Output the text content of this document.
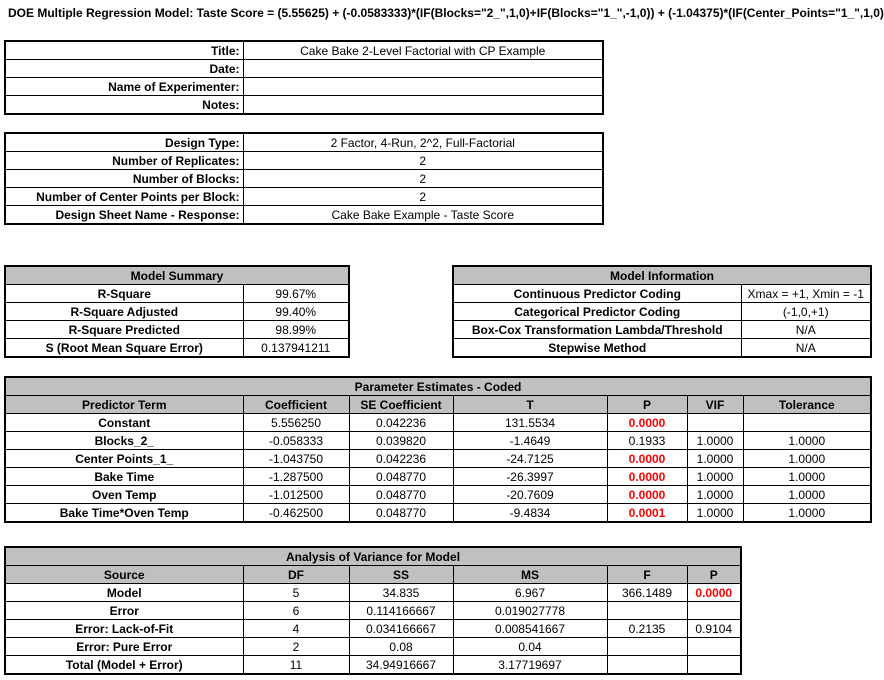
DOE Multiple Regression Model: Taste Score = (5.55625) + (-0.0583333)*(IF(Blocks="2_",1,0)+IF(Blocks="1_",-1,0)) + (-1.04375)*(IF(Center_Points="1_",1,0)
Title:	Cake Bake 2-Level Factorial with CP Example
Date:	
Name of Experimenter:	
Notes:	
Design Type:	2 Factor, 4-Run, 2^2, Full-Factorial
Number of Replicates:	2
Number of Blocks:	2
Number of Center Points per Block:	2
Design Sheet Name - Response:	Cake Bake Example - Taste Score
Model Summary	
R-Square	99.67%
R-Square Adjusted	99.40%
R-Square Predicted	98.99%
S (Root Mean Square Error)	0.137941211
Model Information	
Continuous Predictor Coding	Xmax = +1, Xmin = -1
Categorical Predictor Coding	(-1,0,+1)
Box-Cox Transformation Lambda/Threshold	N/A
Stepwise Method	N/A
Parameter Estimates - Coded						
Predictor Term	Coefficient	SE Coefficient	T	P	VIF	Tolerance
Constant	5.556250	0.042236	131.5534	0.0000		
Blocks_2_	-0.058333	0.039820	-1.4649	0.1933	1.0000	1.0000
Center Points_1_	-1.043750	0.042236	-24.7125	0.0000	1.0000	1.0000
Bake Time	-1.287500	0.048770	-26.3997	0.0000	1.0000	1.0000
Oven Temp	-1.012500	0.048770	-20.7609	0.0000	1.0000	1.0000
Bake Time*Oven Temp	-0.462500	0.048770	-9.4834	0.0001	1.0000	1.0000
Analysis of Variance for Model					
Source	DF	SS	MS	F	P
Model	5	34.835	6.967	366.1489	0.0000
Error	6	0.114166667	0.019027778		
Error: Lack-of-Fit	4	0.034166667	0.008541667	0.2135	0.9104
Error: Pure Error	2	0.08	0.04		
Total (Model + Error)	11	34.94916667	3.17719697		
